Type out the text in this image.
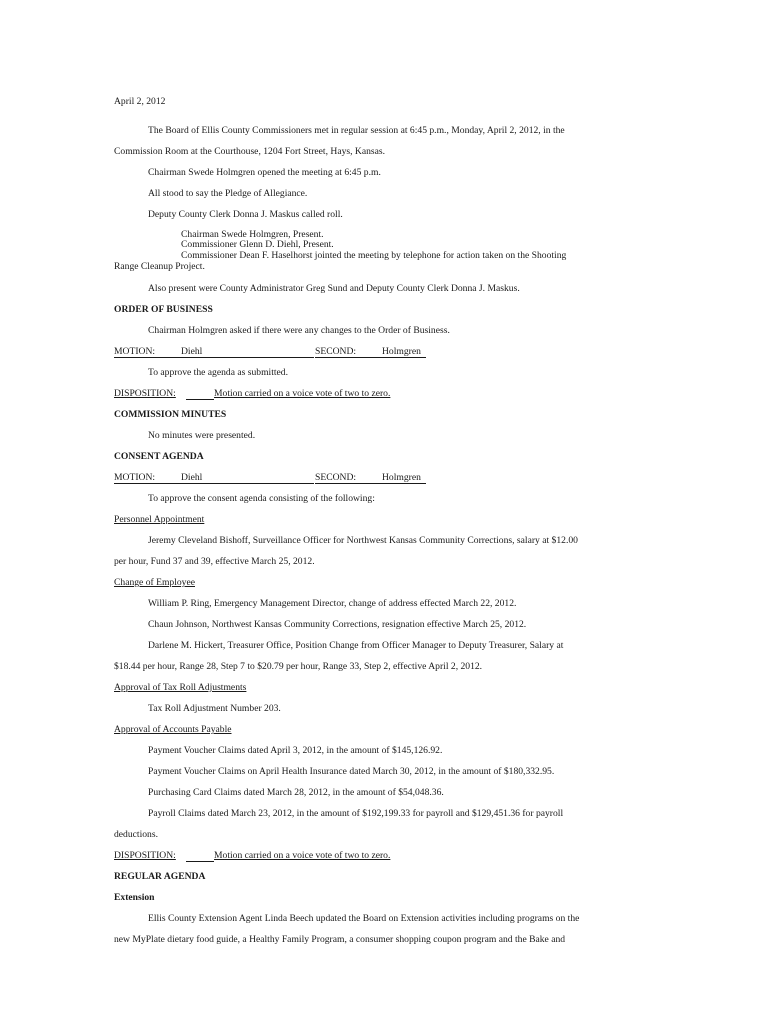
April 2, 2012
The Board of Ellis County Commissioners met in regular session at 6:45 p.m., Monday, April 2, 2012, in the
Commission Room at the Courthouse, 1204 Fort Street, Hays, Kansas.
Chairman Swede Holmgren opened the meeting at 6:45 p.m.
All stood to say the Pledge of Allegiance.
Deputy County Clerk Donna J. Maskus called roll.
Chairman Swede Holmgren, Present.
Commissioner Glenn D. Diehl, Present.
Commissioner Dean F. Haselhorst jointed the meeting by telephone for action taken on the Shooting
Range Cleanup Project.
Also present were County Administrator Greg Sund and Deputy County Clerk Donna J. Maskus.
ORDER OF BUSINESS
Chairman Holmgren asked if there were any changes to the Order of Business.
MOTION:	Diehl	SECOND:	Holmgren
To approve the agenda as submitted.
DISPOSITION:	Motion carried on a voice vote of two to zero.
COMMISSION MINUTES
No minutes were presented.
CONSENT AGENDA
MOTION:	Diehl	SECOND:	Holmgren
To approve the consent agenda consisting of the following:
Personnel Appointment
Jeremy Cleveland Bishoff, Surveillance Officer for Northwest Kansas Community Corrections, salary at $12.00
per hour, Fund 37 and 39, effective March 25, 2012.
Change of Employee
William P. Ring, Emergency Management Director, change of address effected March 22, 2012.
Chaun Johnson, Northwest Kansas Community Corrections, resignation effective March 25, 2012.
Darlene M. Hickert, Treasurer Office, Position Change from Officer Manager to Deputy Treasurer, Salary at
$18.44 per hour, Range 28, Step 7 to $20.79 per hour, Range 33, Step 2, effective April 2, 2012.
Approval of Tax Roll Adjustments
Tax Roll Adjustment Number 203.
Approval of Accounts Payable
Payment Voucher Claims dated April 3, 2012, in the amount of $145,126.92.
Payment Voucher Claims on April Health Insurance dated March 30, 2012, in the amount of $180,332.95.
Purchasing Card Claims dated March 28, 2012, in the amount of $54,048.36.
Payroll Claims dated March 23, 2012, in the amount of $192,199.33 for payroll and $129,451.36 for payroll
deductions.
DISPOSITION:	Motion carried on a voice vote of two to zero.
REGULAR AGENDA
Extension
Ellis County Extension Agent Linda Beech updated the Board on Extension activities including programs on the
new MyPlate dietary food guide, a Healthy Family Program, a consumer shopping coupon program and the Bake and
